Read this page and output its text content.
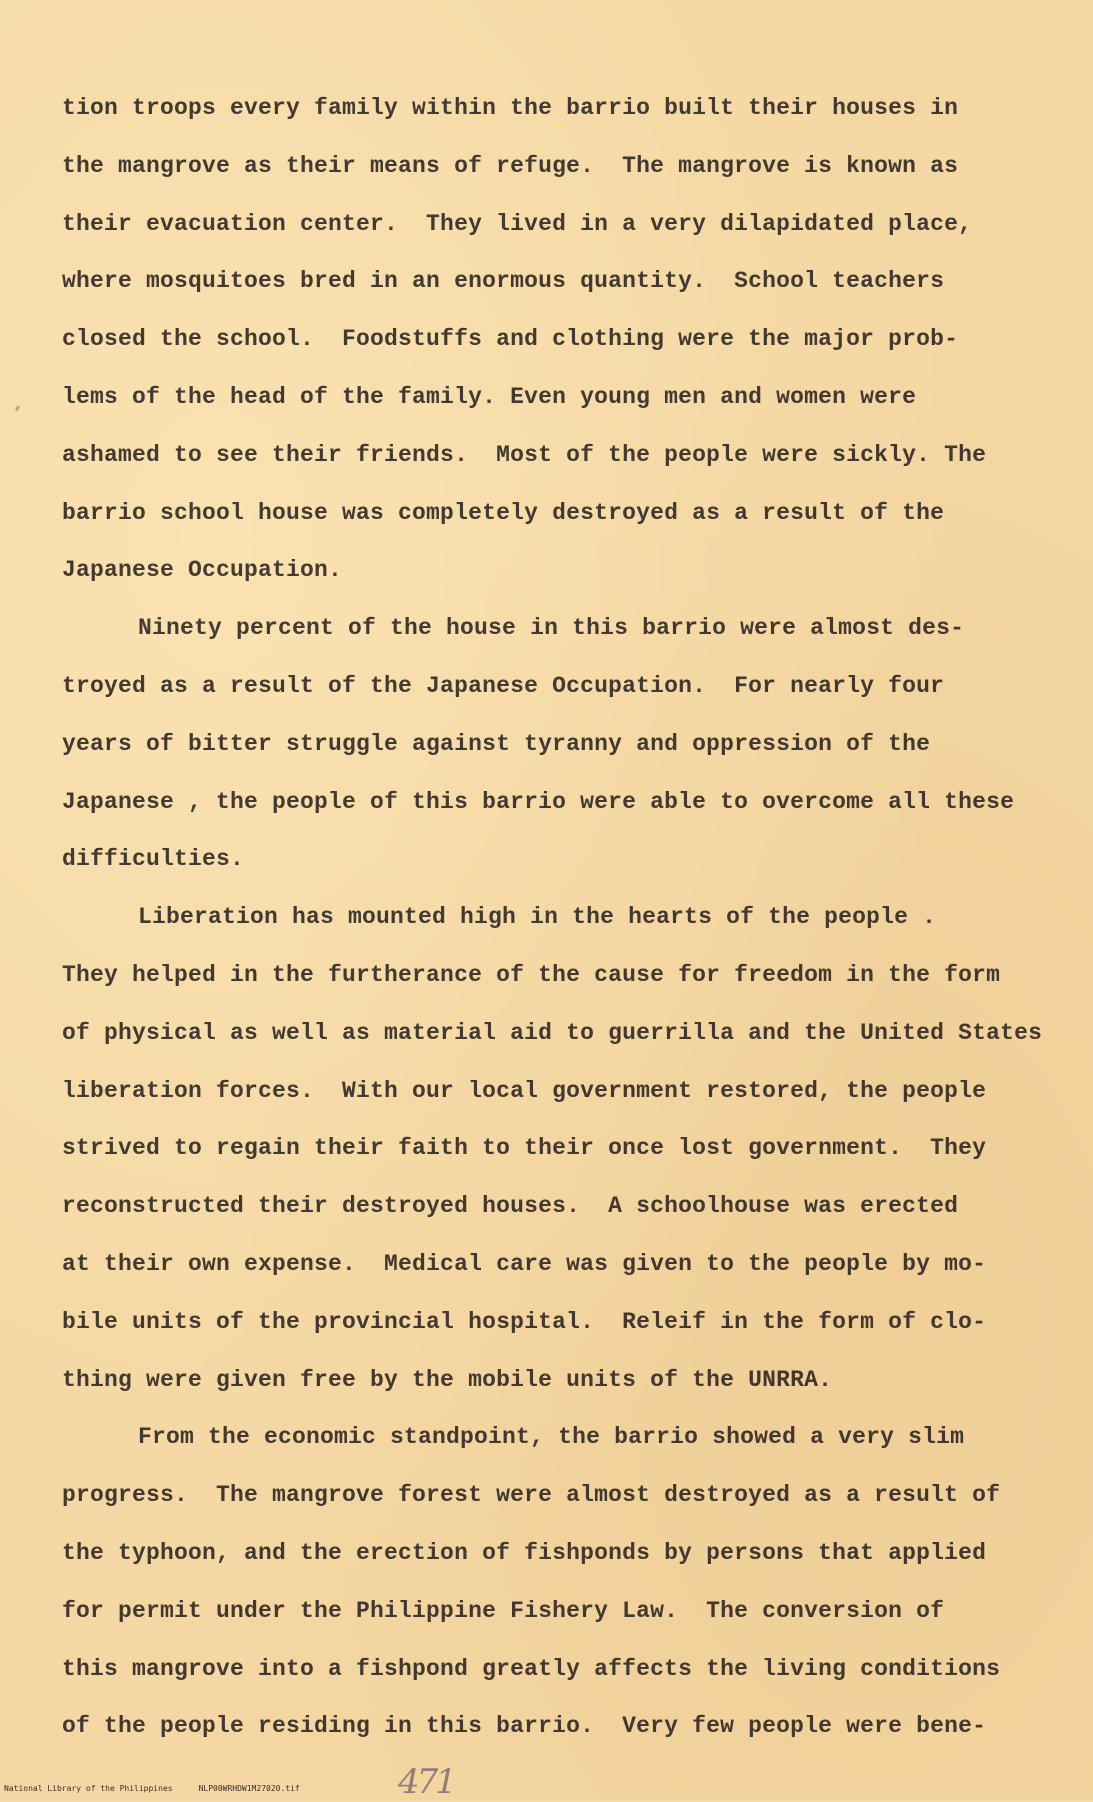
tion troops every family within the barrio built their houses in
the mangrove as their means of refuge.  The mangrove is known as
their evacuation center.  They lived in a very dilapidated place,
where mosquitoes bred in an enormous quantity.  School teachers
closed the school.  Foodstuffs and clothing were the major prob-
lems of the head of the family. Even young men and women were
ashamed to see their friends.  Most of the people were sickly. The
barrio school house was completely destroyed as a result of the
Japanese Occupation.
Ninety percent of the house in this barrio were almost des-
troyed as a result of the Japanese Occupation.  For nearly four
years of bitter struggle against tyranny and oppression of the
Japanese , the people of this barrio were able to overcome all these
difficulties.
Liberation has mounted high in the hearts of the people .
They helped in the furtherance of the cause for freedom in the form
of physical as well as material aid to guerrilla and the United States
liberation forces.  With our local government restored, the people
strived to regain their faith to their once lost government.  They
reconstructed their destroyed houses.  A schoolhouse was erected
at their own expense.  Medical care was given to the people by mo-
bile units of the provincial hospital.  Releif in the form of clo-
thing were given free by the mobile units of the UNRRA.
From the economic standpoint, the barrio showed a very slim
progress.  The mangrove forest were almost destroyed as a result of
the typhoon, and the erection of fishponds by persons that applied
for permit under the Philippine Fishery Law.  The conversion of
this mangrove into a fishpond greatly affects the living conditions
of the people residing in this barrio.  Very few people were bene-
471
National Library of the Philippines	NLP00WRHDW1M27020.tif
